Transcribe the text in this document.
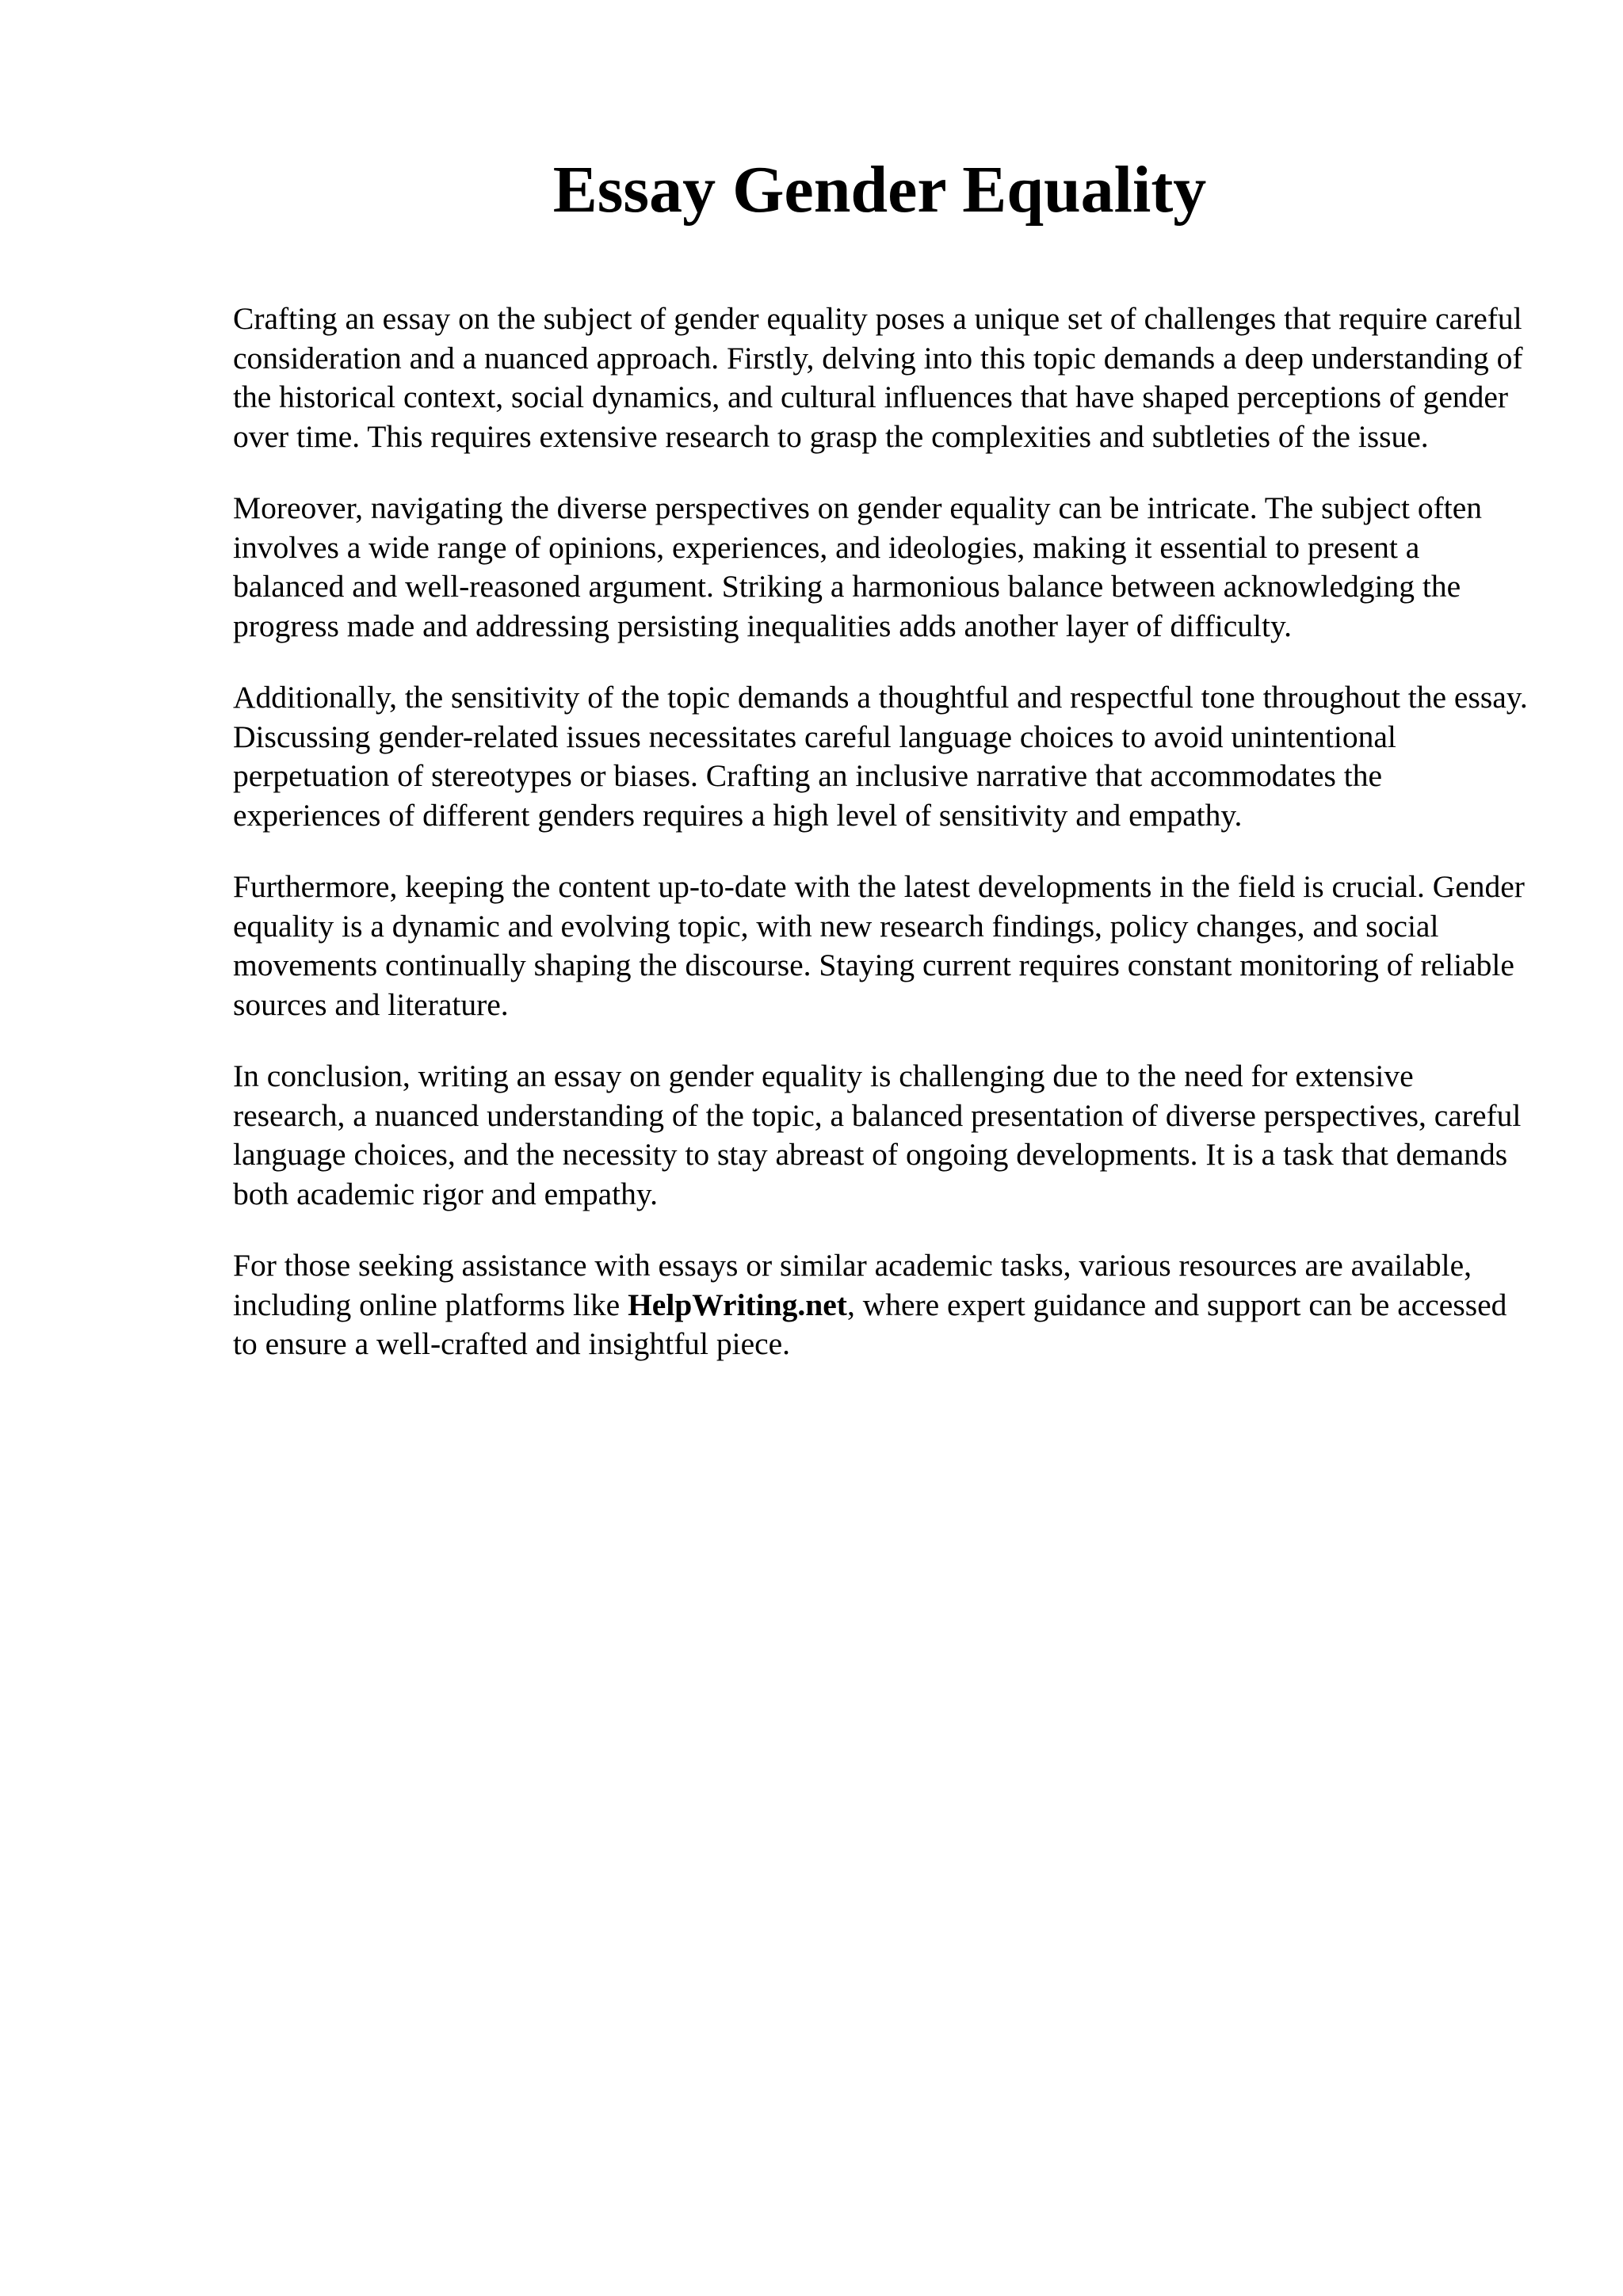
Essay Gender Equality

Crafting an essay on the subject of gender equality poses a unique set of challenges that require careful consideration and a nuanced approach. Firstly, delving into this topic demands a deep understanding of the historical context, social dynamics, and cultural influences that have shaped perceptions of gender over time. This requires extensive research to grasp the complexities and subtleties of the issue.

Moreover, navigating the diverse perspectives on gender equality can be intricate. The subject often involves a wide range of opinions, experiences, and ideologies, making it essential to present a balanced and well-reasoned argument. Striking a harmonious balance between acknowledging the progress made and addressing persisting inequalities adds another layer of difficulty.

Additionally, the sensitivity of the topic demands a thoughtful and respectful tone throughout the essay. Discussing gender-related issues necessitates careful language choices to avoid unintentional perpetuation of stereotypes or biases. Crafting an inclusive narrative that accommodates the experiences of different genders requires a high level of sensitivity and empathy.

Furthermore, keeping the content up-to-date with the latest developments in the field is crucial. Gender equality is a dynamic and evolving topic, with new research findings, policy changes, and social movements continually shaping the discourse. Staying current requires constant monitoring of reliable sources and literature.

In conclusion, writing an essay on gender equality is challenging due to the need for extensive research, a nuanced understanding of the topic, a balanced presentation of diverse perspectives, careful language choices, and the necessity to stay abreast of ongoing developments. It is a task that demands both academic rigor and empathy.

For those seeking assistance with essays or similar academic tasks, various resources are available, including online platforms like HelpWriting.net, where expert guidance and support can be accessed to ensure a well-crafted and insightful piece.
